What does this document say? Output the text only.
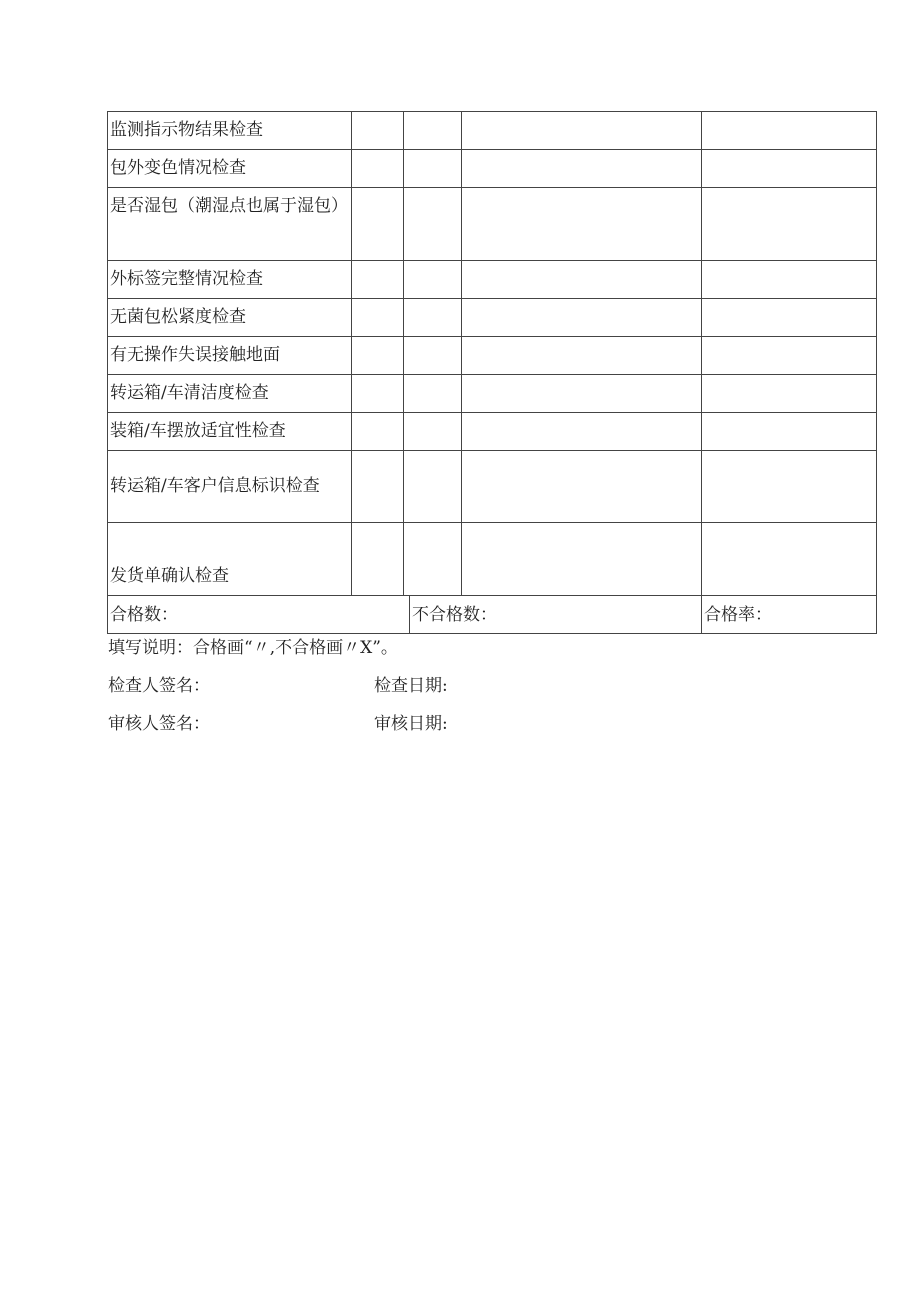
监测指示物结果检查					
包外变色情况检查					
是否湿包（潮湿点也属于湿包）					
外标签完整情况检查					
无菌包松紧度检查					
有无操作失误接触地面					
转运箱/车清洁度检查					
装箱/车摆放适宜性检查					
转运箱/车客户信息标识检查					
发货单确认检查					
合格数：			不合格数：		合格率：
填写说明：合格画“〃,不合格画〃X”。
检查人签名：	检查日期:
审核人签名：	审核日期:
